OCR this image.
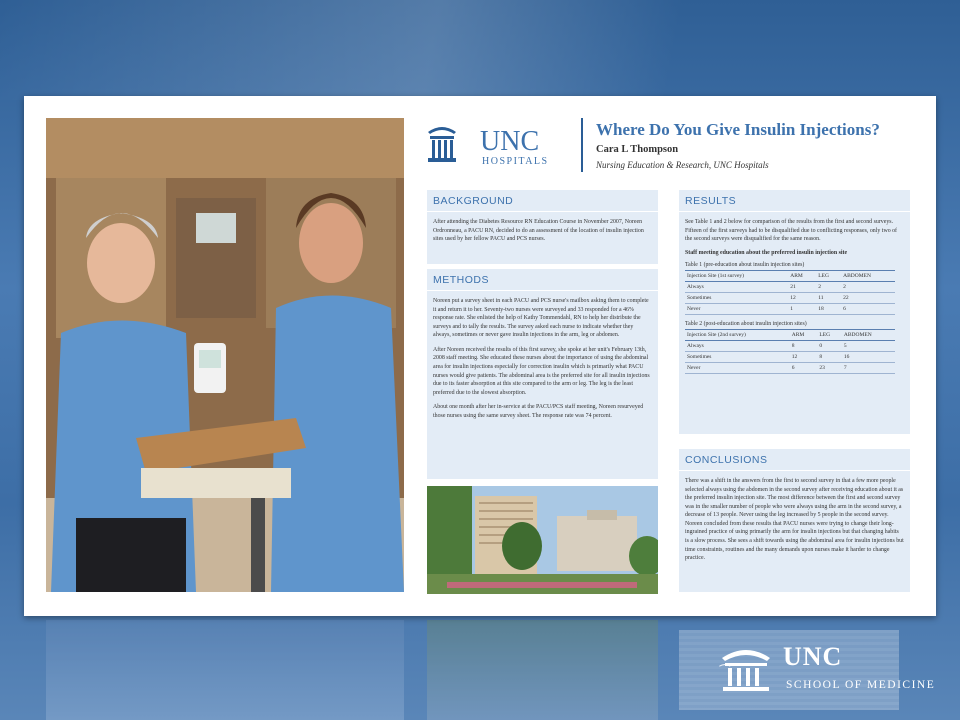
UNC
HOSPITALS
Where Do You Give Insulin Injections?
Cara L Thompson
Nursing Education & Research, UNC Hospitals
BACKGROUND

After attending the Diabetes Resource RN Education Course in November 2007, Noreen Ordronneau, a PACU RN, decided to do an assessment of the location of insulin injection sites used by her fellow PACU and PCS nurses.

METHODS

Noreen put a survey sheet in each PACU and PCS nurse's mailbox asking them to complete it and return it to her. Seventy-two nurses were surveyed and 33 responded for a 46% response rate. She enlisted the help of Kathy Tommendahl, RN to help her distribute the surveys and to tally the results. The survey asked each nurse to indicate whether they always, sometimes or never gave insulin injections in the arm, leg or abdomen.

After Noreen received the results of this first survey, she spoke at her unit's February 13th, 2008 staff meeting. She educated these nurses about the importance of using the abdominal area for insulin injections especially for correction insulin which is primarily what PACU nurses would give patients. The abdominal area is the preferred site for all insulin injections due to its faster absorption at this site compared to the arm or leg. The leg is the least preferred due to the slowest absorption.

About one month after her in-service at the PACU/PCS staff meeting, Noreen resurveyed those nurses using the same survey sheet. The response rate was 74 percent.

RESULTS

See Table 1 and 2 below for comparison of the results from the first and second surveys. Fifteen of the first surveys had to be disqualified due to conflicting responses, only two of the second surveys were disqualified for the same reason.

Staff meeting education about the preferred insulin injection site
Table 1 (pre-education about insulin injection sites)
Injection Site (1st survey)	ARM	LEG	ABDOMEN
Always	21	2	2
Sometimes	12	11	22
Never	1	18	6
Table 2 (post-education about insulin injection sites)
Injection Site (2nd survey)	ARM	LEG	ABDOMEN
Always	8	0	5
Sometimes	12	8	16
Never	6	23	7
CONCLUSIONS

There was a shift in the answers from the first to second survey in that a few more people selected always using the abdomen in the second survey after receiving education about it as the preferred insulin injection site. The most difference between the first and second survey was in the smaller number of people who were always using the arm in the second survey, a decrease of 13 people. Never using the leg increased by 5 people in the second survey. Noreen concluded from these results that PACU nurses were trying to change their long-ingrained practice of using primarily the arm for insulin injections but that changing habits is a slow process. She sees a shift towards using the abdominal area for insulin injections but time constraints, routines and the many demands upon nurses make it harder to change practice.

UNC
SCHOOL OF MEDICINE
